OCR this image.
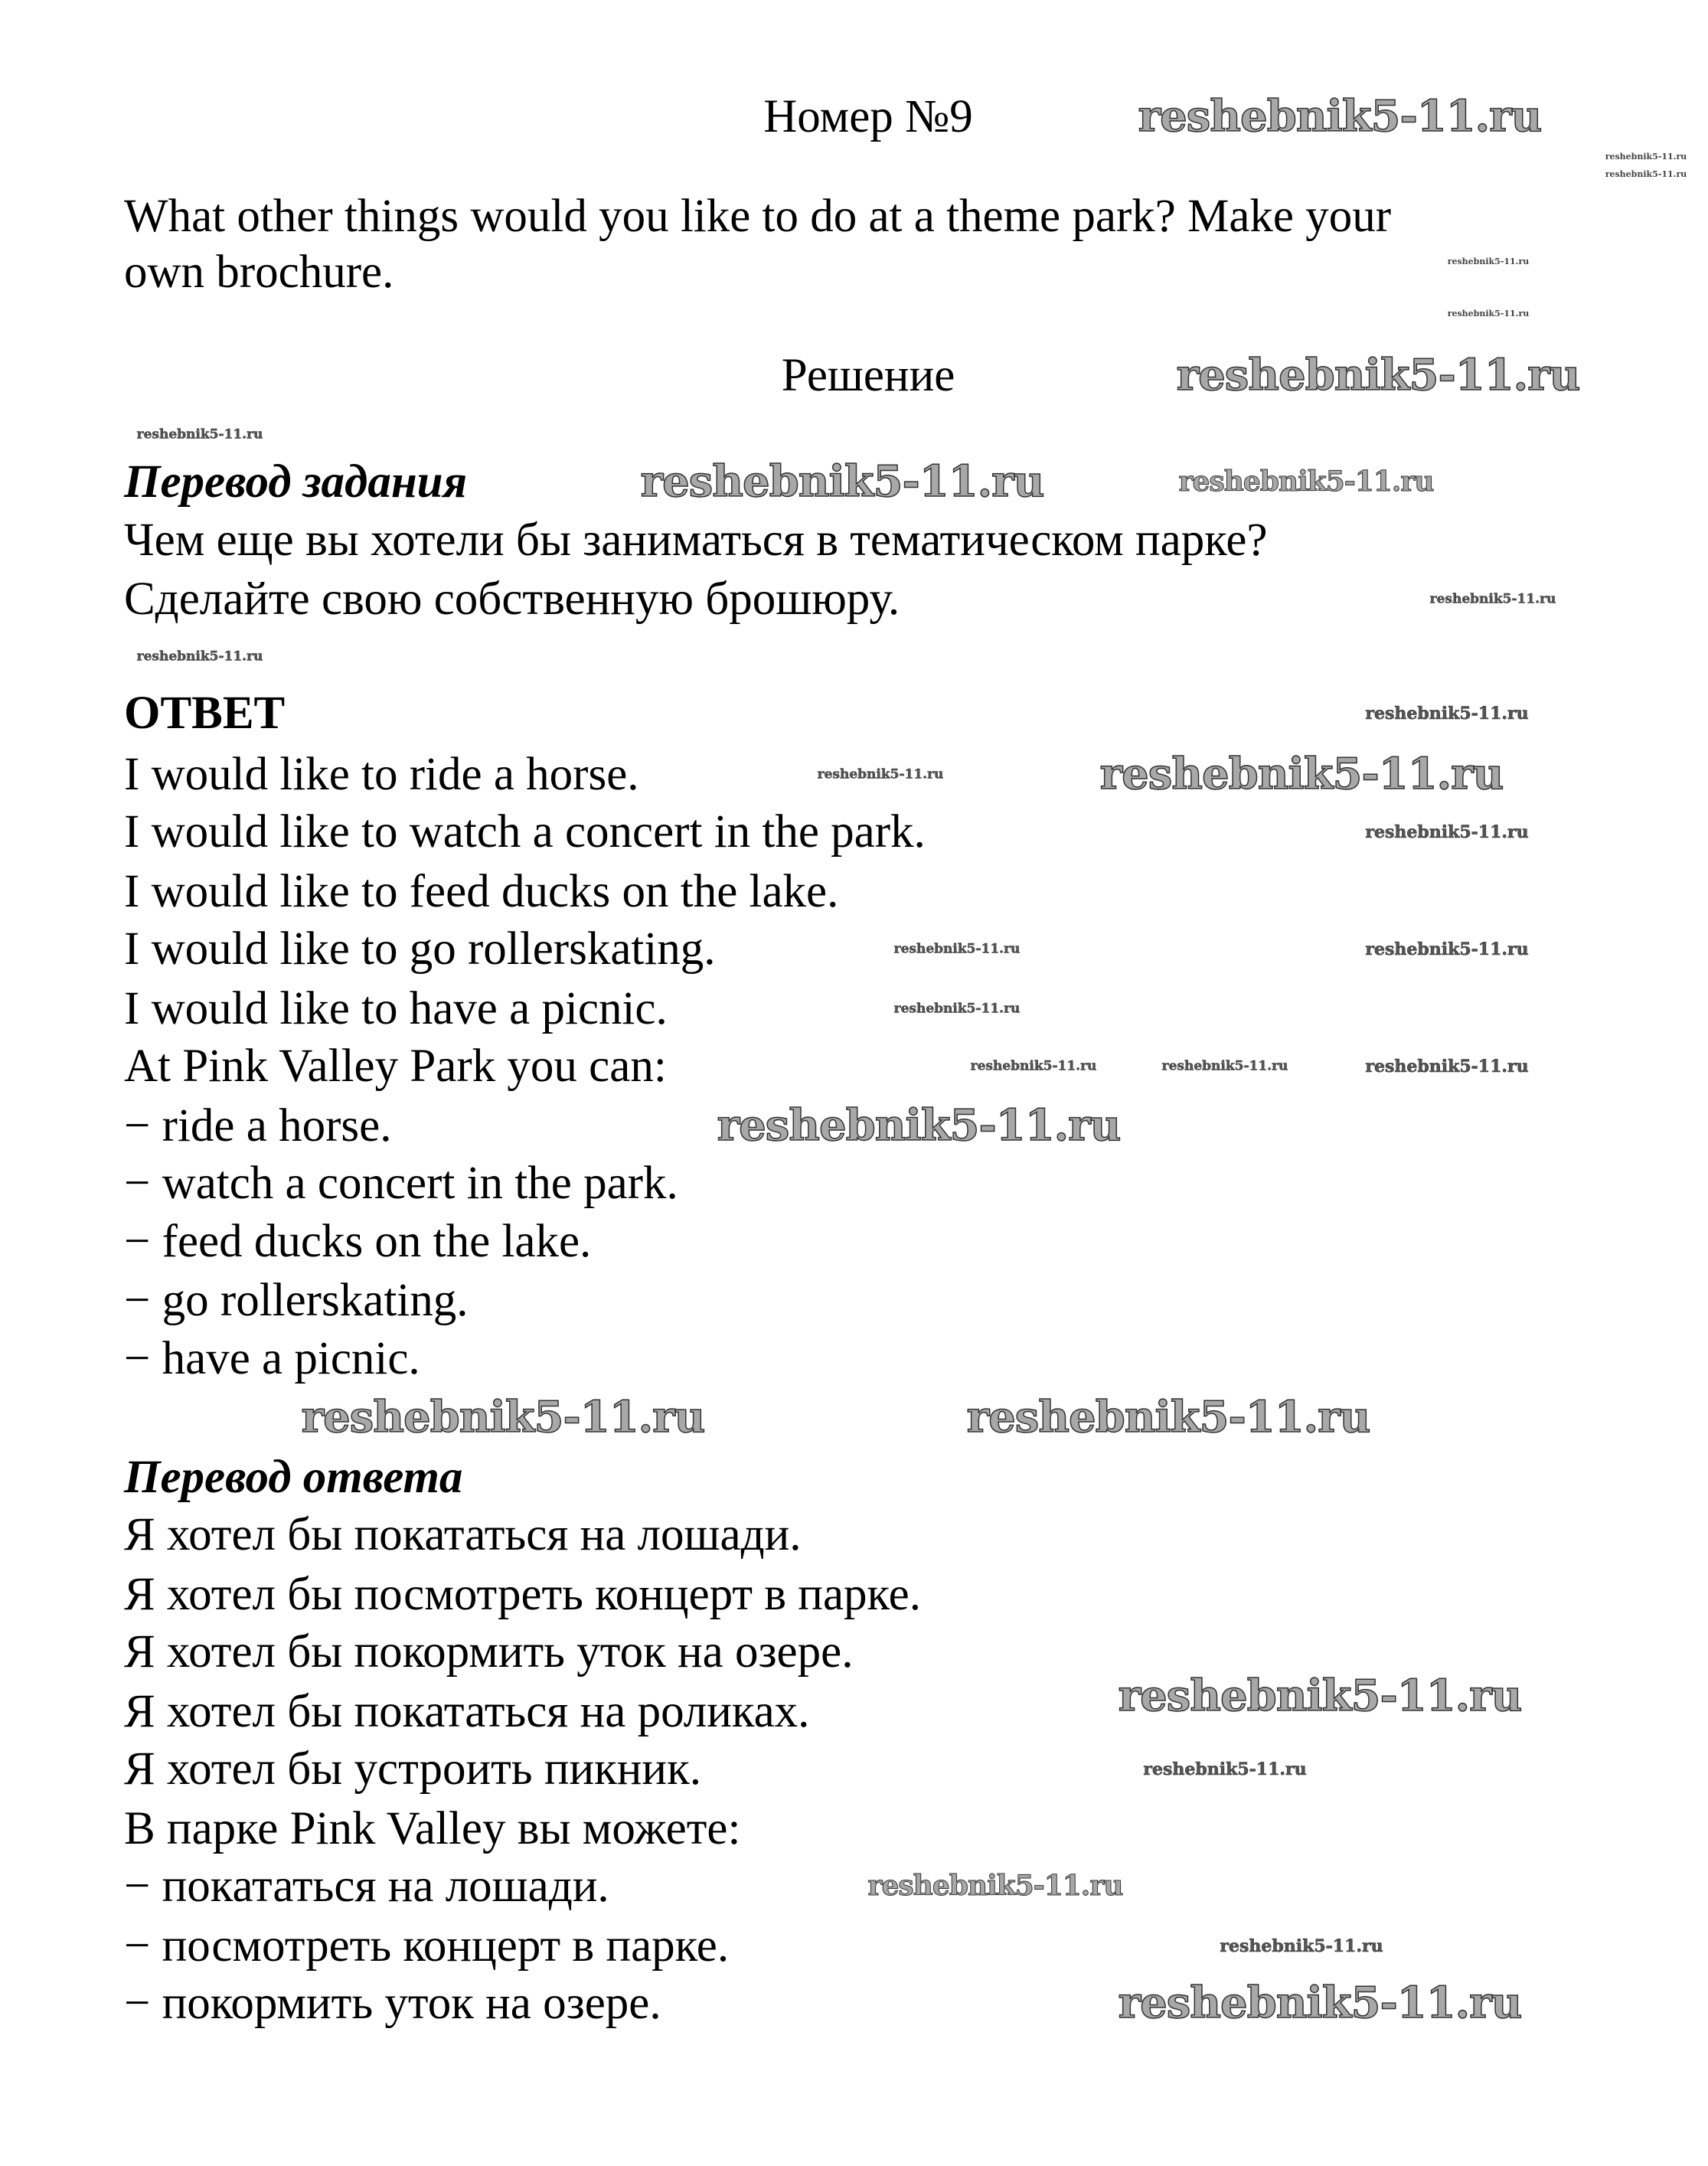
Номер №9
What other things would you like to do at a theme park? Make your
own brochure.
Решение
Перевод задания
Чем еще вы хотели бы заниматься в тематическом парке?
Сделайте свою собственную брошюру.
ОТВЕТ
I would like to ride a horse.
I would like to watch a concert in the park.
I would like to feed ducks on the lake.
I would like to go rollerskating.
I would like to have a picnic.
At Pink Valley Park you can:
− ride a horse.
− watch a concert in the park.
− feed ducks on the lake.
− go rollerskating.
− have a picnic.
Перевод ответа
Я хотел бы покататься на лошади.
Я хотел бы посмотреть концерт в парке.
Я хотел бы покормить уток на озере.
Я хотел бы покататься на роликах.
Я хотел бы устроить пикник.
В парке Pink Valley вы можете:
− покататься на лошади.
− посмотреть концерт в парке.
− покормить уток на озере.
reshebnik5-11.ru
reshebnik5-11.ru
reshebnik5-11.ru
reshebnik5-11.ru
reshebnik5-11.ru
reshebnik5-11.ru	reshebnik5-11.ru
reshebnik5-11.ru
reshebnik5-11.ru
reshebnik5-11.ru
reshebnik5-11.ru
reshebnik5-11.ru
reshebnik5-11.ru
reshebnik5-11.ru
reshebnik5-11.ru
reshebnik5-11.ru
reshebnik5-11.ru
reshebnik5-11.ru
reshebnik5-11.ru
reshebnik5-11.ru
reshebnik5-11.ru
reshebnik5-11.ru
reshebnik5-11.ru
reshebnik5-11.ru
reshebnik5-11.ru
reshebnik5-11.ru	reshebnik5-11.ru
reshebnik5-11.ru
reshebnik5-11.ru
